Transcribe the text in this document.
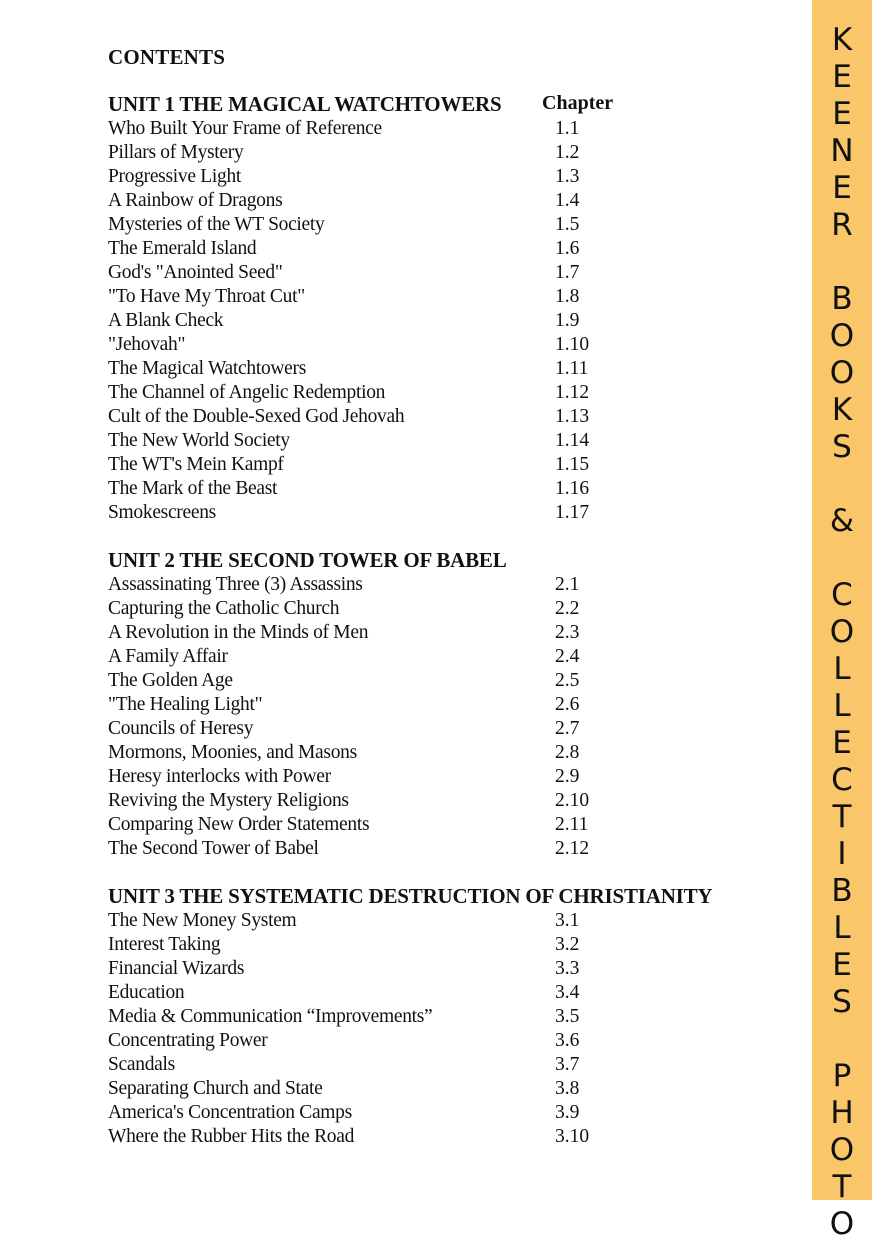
CONTENTS
UNIT 1 THE MAGICAL WATCHTOWERS Chapter
Who Built Your Frame of Reference	1.1
Pillars of Mystery	1.2
Progressive Light	1.3
A Rainbow of Dragons	1.4
Mysteries of the WT Society	1.5
The Emerald Island	1.6
God's "Anointed Seed"	1.7
"To Have My Throat Cut"	1.8
A Blank Check	1.9
"Jehovah"	1.10
The Magical Watchtowers	1.11
The Channel of Angelic Redemption	1.12
Cult of the Double-Sexed God Jehovah	1.13
The New World Society	1.14
The WT's Mein Kampf	1.15
The Mark of the Beast	1.16
Smokescreens	1.17
UNIT 2 THE SECOND TOWER OF BABEL
Assassinating Three (3) Assassins	2.1
Capturing the Catholic Church	2.2
A Revolution in the Minds of Men	2.3
A Family Affair	2.4
The Golden Age	2.5
"The Healing Light"	2.6
Councils of Heresy	2.7
Mormons, Moonies, and Masons	2.8
Heresy interlocks with Power	2.9
Reviving the Mystery Religions	2.10
Comparing New Order Statements	2.11
The Second Tower of Babel	2.12
UNIT 3 THE SYSTEMATIC DESTRUCTION OF CHRISTIANITY
The New Money System	3.1
Interest Taking	3.2
Financial Wizards	3.3
Education	3.4
Media & Communication “Improvements”	3.5
Concentrating Power	3.6
Scandals	3.7
Separating Church and State	3.8
America's Concentration Camps	3.9
Where the Rubber Hits the Road	3.10
K
E
E
N
E
R

B
O
O
K
S

&

C
O
L
L
E
C
T
I
B
L
E
S

P
H
O
T
O
